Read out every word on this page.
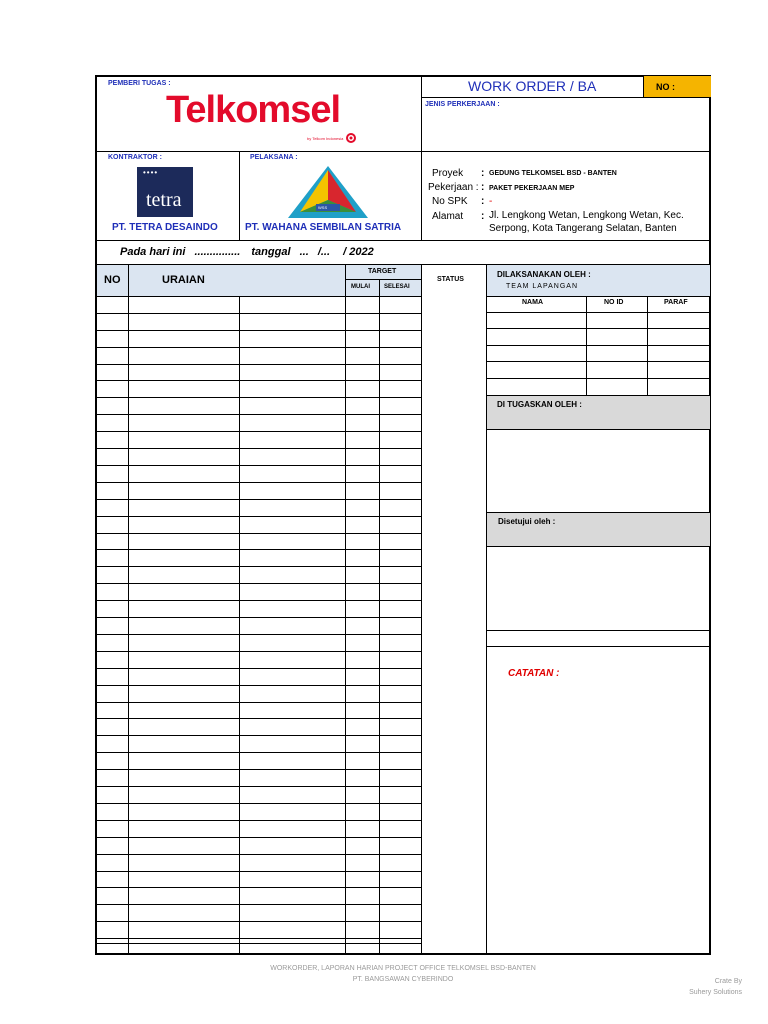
NO :
PEMBERI TUGAS :
Telkomsel
by Telkom Indonesia
WORK ORDER / BA
JENIS PERKERJAAN :
KONTRAKTOR :	PELAKSANA :
••••
tetra
PT. TETRA DESAINDO
WSS
PT. WAHANA SEMBILAN SATRIA
Proyek : GEDUNG TELKOMSEL BSD - BANTEN
Pekerjaan : : PAKET PEKERJAAN MEP
No SPK : -
Alamat : Jl. Lengkong Wetan, Lengkong Wetan, Kec.
Serpong, Kota Tangerang Selatan, Banten
Pada hari ini ............... tanggal ... /... / 2022
NO	URAIAN
TARGET
MULAI SELESAI
STATUS
DILAKSANAKAN OLEH :
TEAM LAPANGAN
NAMA	NO ID	PARAF
DI TUGASKAN OLEH :
Disetujui oleh :
CATATAN :
WORKORDER, LAPORAN HARIAN PROJECT OFFICE TELKOMSEL BSD-BANTEN
PT. BANGSAWAN CYBERINDO	Crate By
Suhery Solutions
